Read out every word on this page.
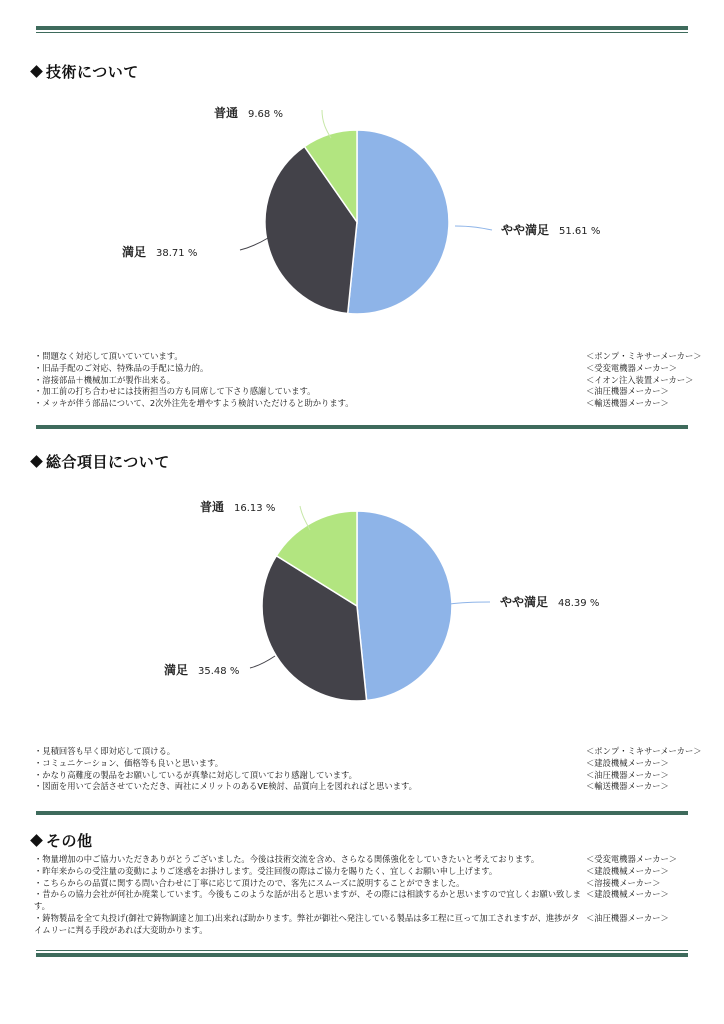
技術について
普通 9.68 %
やや満足 51.61 %
満足 38.71 %
・問題なく対応して頂いていています。	＜ポンプ・ミキサーメーカー＞
・旧品手配のご対応、特殊品の手配に協力的。	＜受変電機器メーカー＞
・溶接部品＋機械加工が製作出来る。	＜イオン注入装置メーカー＞
・加工前の打ち合わせには技術担当の方も同席して下さり感謝しています。	＜油圧機器メーカー＞
・メッキが伴う部品について、2次外注先を増やすよう検討いただけると助かります。	＜輸送機器メーカー＞
総合項目について
普通 16.13 %
やや満足 48.39 %
満足 35.48 %
・見積回答も早く即対応して頂ける。	＜ポンプ・ミキサーメーカー＞
・コミュニケーション、価格等も良いと思います。	＜建設機械メーカー＞
・かなり高難度の製品をお願いしているが真摯に対応して頂いており感謝しています。	＜油圧機器メーカー＞
・図面を用いて会話させていただき、両社にメリットのあるVE検討、品質向上を図れればと思います。	＜輸送機器メーカー＞
その他
・物量増加の中ご協力いただきありがとうございました。今後は技術交流を含め、さらなる関係強化をしていきたいと考えております。	＜受変電機器メーカー＞
・昨年来からの受注量の変動によりご迷惑をお掛けします。受注回復の際はご協力を賜りたく、宜しくお願い申し上げます。	＜建設機械メーカー＞
・こちらからの品質に関する問い合わせに丁寧に応じて頂けたので、客先にスムーズに説明することができました。	＜溶接機メーカー＞
・昔からの協力会社が何社か廃業しています。今後もこのような話が出ると思いますが、その際には相談するかと思いますので宜しくお願い致します。
＜建設機械メーカー＞
・鋳物製品を全て丸投げ(御社で鋳物調達と加工)出来れば助かります。弊社が御社へ発注している製品は多工程に亘って加工されますが、進捗がタイムリーに判る手段があれば大変助かります。
＜油圧機器メーカー＞
